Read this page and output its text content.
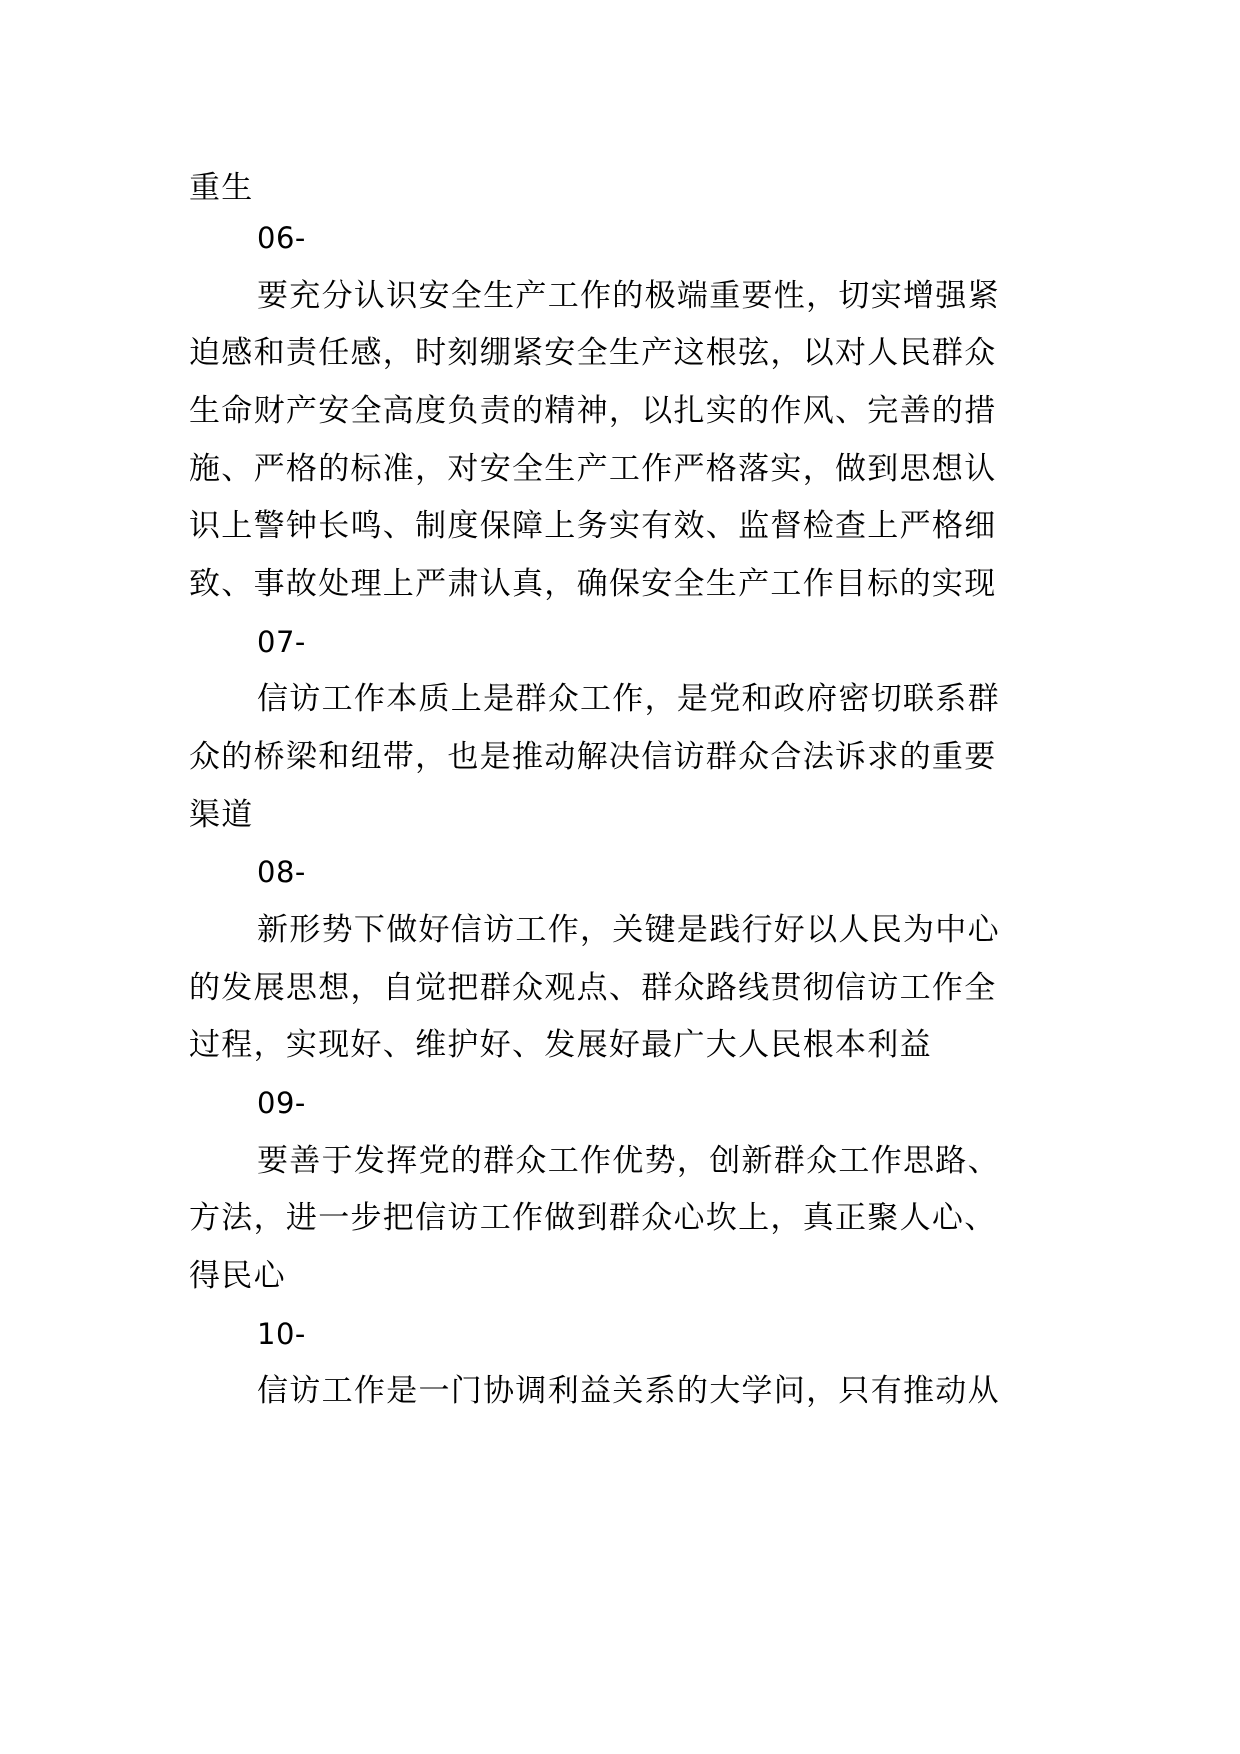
重生
06-
要充分认识安全生产工作的极端重要性，切实增强紧
迫感和责任感，时刻绷紧安全生产这根弦，以对人民群众
生命财产安全高度负责的精神，以扎实的作风、完善的措
施、严格的标准，对安全生产工作严格落实，做到思想认
识上警钟长鸣、制度保障上务实有效、监督检查上严格细
致、事故处理上严肃认真，确保安全生产工作目标的实现
07-
信访工作本质上是群众工作，是党和政府密切联系群
众的桥梁和纽带，也是推动解决信访群众合法诉求的重要
渠道
08-
新形势下做好信访工作，关键是践行好以人民为中心
的发展思想，自觉把群众观点、群众路线贯彻信访工作全
过程，实现好、维护好、发展好最广大人民根本利益
09-
要善于发挥党的群众工作优势，创新群众工作思路、
方法，进一步把信访工作做到群众心坎上，真正聚人心、
得民心
10-
信访工作是一门协调利益关系的大学问，只有推动从
